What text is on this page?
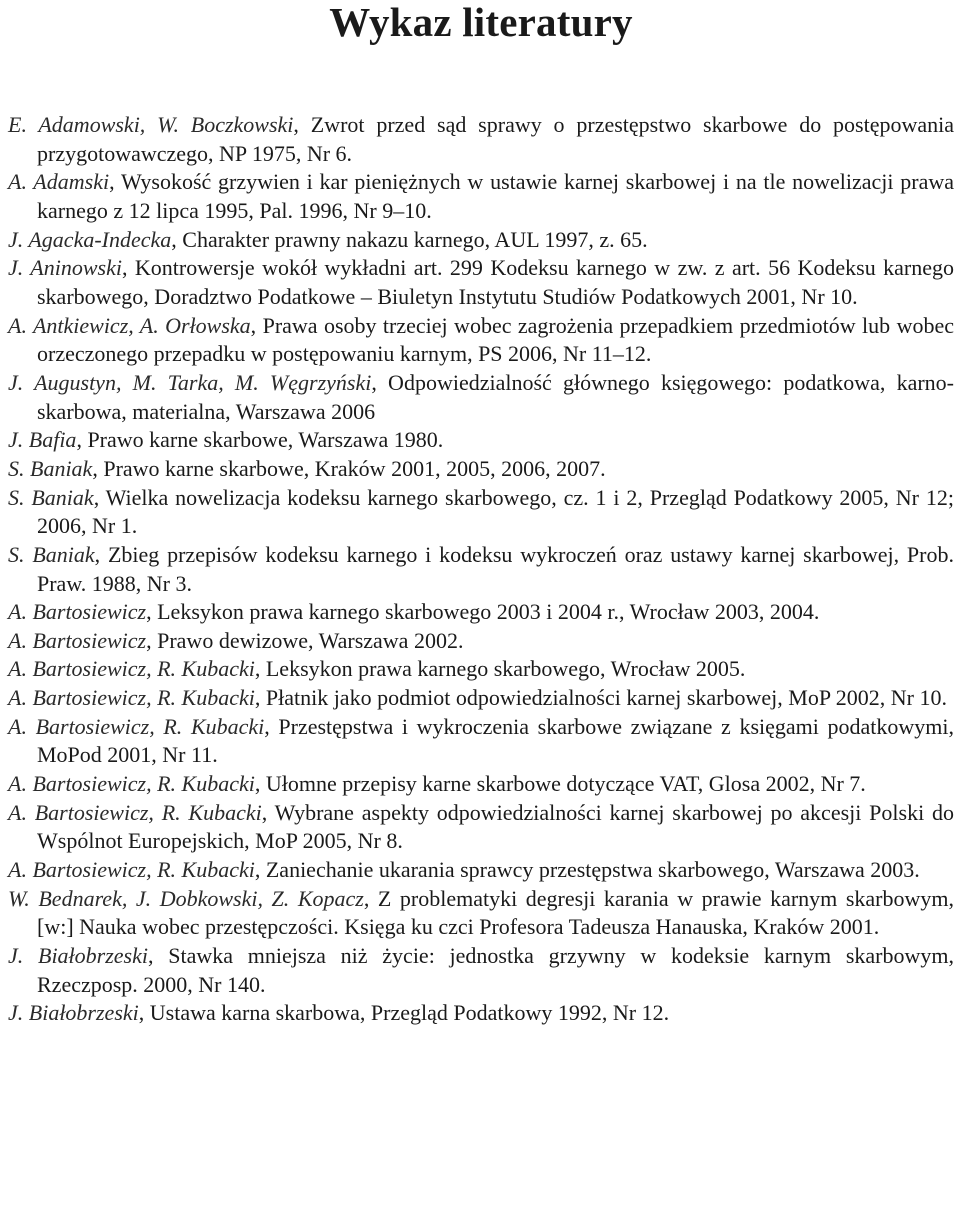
Wykaz literatury
E. Adamowski, W. Boczkowski, Zwrot przed sąd sprawy o przestępstwo skarbowe do postępowania przygotowawczego, NP 1975, Nr 6.
A. Adamski, Wysokość grzywien i kar pieniężnych w ustawie karnej skarbowej i na tle nowelizacji prawa karnego z 12 lipca 1995, Pal. 1996, Nr 9–10.
J. Agacka-Indecka, Charakter prawny nakazu karnego, AUL 1997, z. 65.
J. Aninowski, Kontrowersje wokół wykładni art. 299 Kodeksu karnego w zw. z art. 56 Kodeksu karnego skarbowego, Doradztwo Podatkowe – Biuletyn Instytutu Studiów Podatkowych 2001, Nr 10.
A. Antkiewicz, A. Orłowska, Prawa osoby trzeciej wobec zagrożenia przepadkiem przedmiotów lub wobec orzeczonego przepadku w postępowaniu karnym, PS 2006, Nr 11–12.
J. Augustyn, M. Tarka, M. Węgrzyński, Odpowiedzialność głównego księgowego: podatkowa, karno-skarbowa, materialna, Warszawa 2006
J. Bafia, Prawo karne skarbowe, Warszawa 1980.
S. Baniak, Prawo karne skarbowe, Kraków 2001, 2005, 2006, 2007.
S. Baniak, Wielka nowelizacja kodeksu karnego skarbowego, cz. 1 i 2, Przegląd Podatkowy 2005, Nr 12; 2006, Nr 1.
S. Baniak, Zbieg przepisów kodeksu karnego i kodeksu wykroczeń oraz ustawy karnej skarbowej, Prob. Praw. 1988, Nr 3.
A. Bartosiewicz, Leksykon prawa karnego skarbowego 2003 i 2004 r., Wrocław 2003, 2004.
A. Bartosiewicz, Prawo dewizowe, Warszawa 2002.
A. Bartosiewicz, R. Kubacki, Leksykon prawa karnego skarbowego, Wrocław 2005.
A. Bartosiewicz, R. Kubacki, Płatnik jako podmiot odpowiedzialności karnej skarbowej, MoP 2002, Nr 10.
A. Bartosiewicz, R. Kubacki, Przestępstwa i wykroczenia skarbowe związane z księgami podatkowymi, MoPod 2001, Nr 11.
A. Bartosiewicz, R. Kubacki, Ułomne przepisy karne skarbowe dotyczące VAT, Glosa 2002, Nr 7.
A. Bartosiewicz, R. Kubacki, Wybrane aspekty odpowiedzialności karnej skarbowej po akcesji Polski do Wspólnot Europejskich, MoP 2005, Nr 8.
A. Bartosiewicz, R. Kubacki, Zaniechanie ukarania sprawcy przestępstwa skarbowego, Warszawa 2003.
W. Bednarek, J. Dobkowski, Z. Kopacz, Z problematyki degresji karania w prawie karnym skarbowym, [w:] Nauka wobec przestępczości. Księga ku czci Profesora Tadeusza Hanauska, Kraków 2001.
J. Białobrzeski, Stawka mniejsza niż życie: jednostka grzywny w kodeksie karnym skarbowym, Rzeczposp. 2000, Nr 140.
J. Białobrzeski, Ustawa karna skarbowa, Przegląd Podatkowy 1992, Nr 12.
